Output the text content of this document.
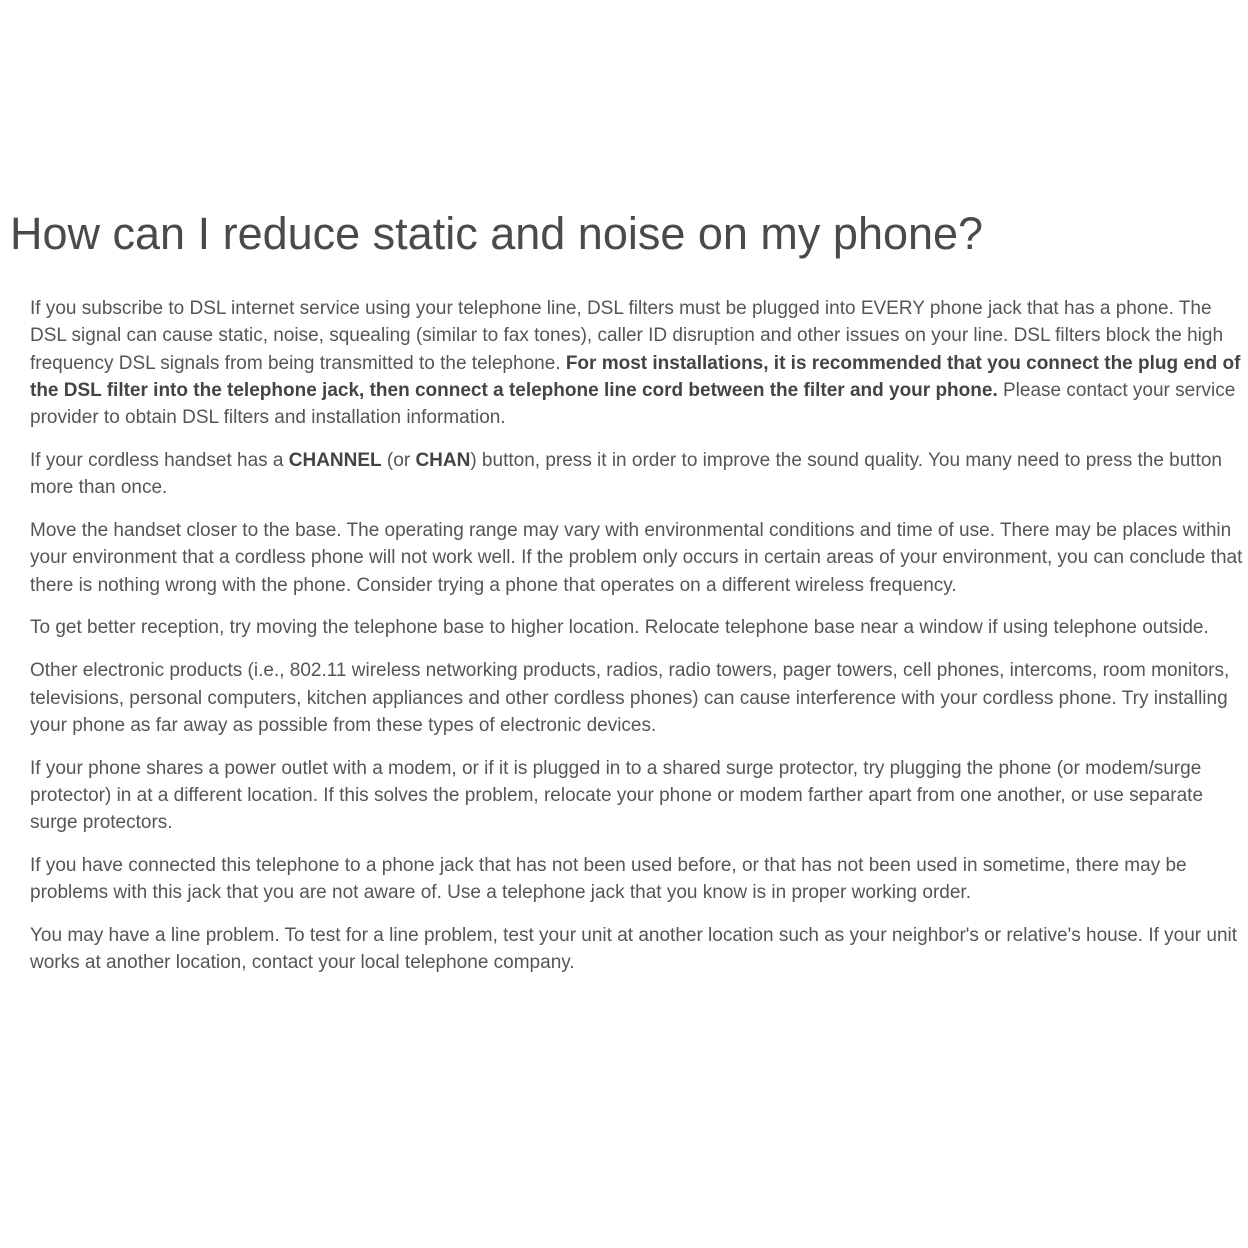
How can I reduce static and noise on my phone?

If you subscribe to DSL internet service using your telephone line, DSL filters must be plugged into EVERY phone jack that has a phone. The DSL signal can cause static, noise, squealing (similar to fax tones), caller ID disruption and other issues on your line. DSL filters block the high frequency DSL signals from being transmitted to the telephone. For most installations, it is recommended that you connect the plug end of the DSL filter into the telephone jack, then connect a telephone line cord between the filter and your phone. Please contact your service provider to obtain DSL filters and installation information.

If your cordless handset has a CHANNEL (or CHAN) button, press it in order to improve the sound quality. You many need to press the button more than once.

Move the handset closer to the base. The operating range may vary with environmental conditions and time of use. There may be places within your environment that a cordless phone will not work well. If the problem only occurs in certain areas of your environment, you can conclude that there is nothing wrong with the phone. Consider trying a phone that operates on a different wireless frequency.

To get better reception, try moving the telephone base to higher location. Relocate telephone base near a window if using telephone outside.

Other electronic products (i.e., 802.11 wireless networking products, radios, radio towers, pager towers, cell phones, intercoms, room monitors, televisions, personal computers, kitchen appliances and other cordless phones) can cause interference with your cordless phone. Try installing your phone as far away as possible from these types of electronic devices.

If your phone shares a power outlet with a modem, or if it is plugged in to a shared surge protector, try plugging the phone (or modem/surge protector) in at a different location. If this solves the problem, relocate your phone or modem farther apart from one another, or use separate surge protectors.

If you have connected this telephone to a phone jack that has not been used before, or that has not been used in sometime, there may be problems with this jack that you are not aware of. Use a telephone jack that you know is in proper working order.

You may have a line problem. To test for a line problem, test your unit at another location such as your neighbor's or relative's house. If your unit works at another location, contact your local telephone company.
